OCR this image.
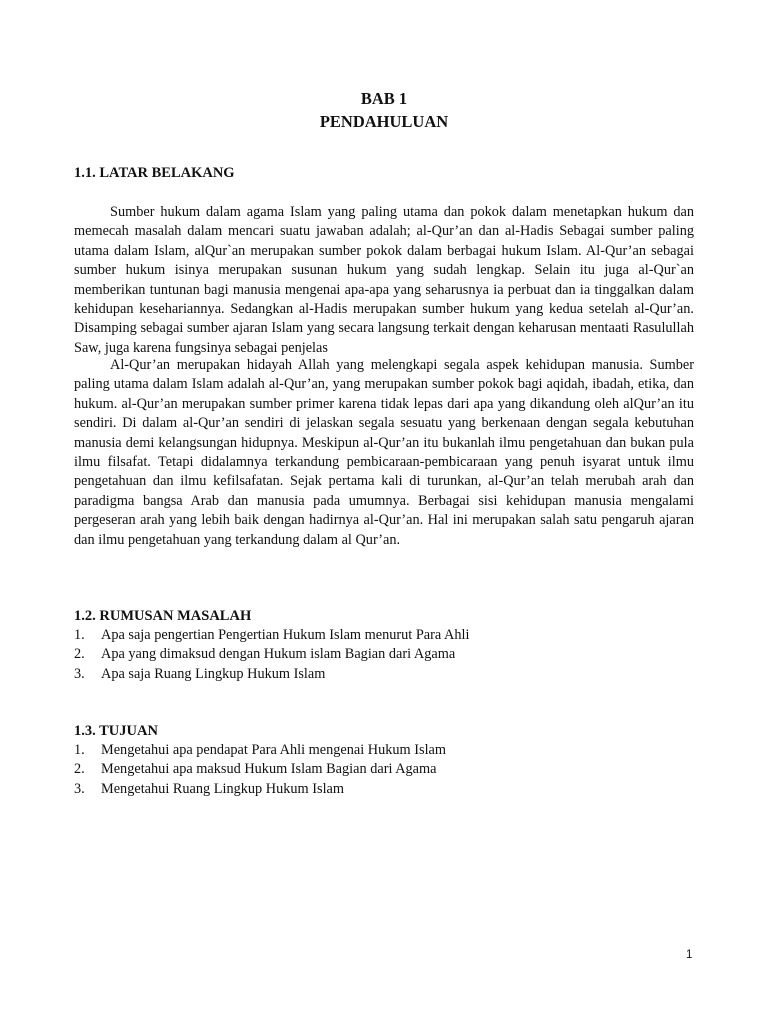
BAB 1
PENDAHULUAN
1.1. LATAR BELAKANG

Sumber hukum dalam agama Islam yang paling utama dan pokok dalam menetapkan hukum dan memecah masalah dalam mencari suatu jawaban adalah; al-Qur’an dan al-Hadis Sebagai sumber paling utama dalam Islam, alQur`an merupakan sumber pokok dalam berbagai hukum Islam. Al-Qur’an sebagai sumber hukum isinya merupakan susunan hukum yang sudah lengkap. Selain itu juga al-Qur`an memberikan tuntunan bagi manusia mengenai apa-apa yang seharusnya ia perbuat dan ia tinggalkan dalam kehidupan kesehariannya. Sedangkan al-Hadis merupakan sumber hukum yang kedua setelah al-Qur’an. Disamping sebagai sumber ajaran Islam yang secara langsung terkait dengan keharusan mentaati Rasulullah Saw, juga karena fungsinya sebagai penjelas

Al-Qur’an merupakan hidayah Allah yang melengkapi segala aspek kehidupan manusia. Sumber paling utama dalam Islam adalah al-Qur’an, yang merupakan sumber pokok bagi aqidah, ibadah, etika, dan hukum. al-Qur’an merupakan sumber primer karena tidak lepas dari apa yang dikandung oleh alQur’an itu sendiri. Di dalam al-Qur’an sendiri di jelaskan segala sesuatu yang berkenaan dengan segala kebutuhan manusia demi kelangsungan hidupnya. Meskipun al-Qur’an itu bukanlah ilmu pengetahuan dan bukan pula ilmu filsafat. Tetapi didalamnya terkandung pembicaraan-pembicaraan yang penuh isyarat untuk ilmu pengetahuan dan ilmu kefilsafatan. Sejak pertama kali di turunkan, al-Qur’an telah merubah arah dan paradigma bangsa Arab dan manusia pada umumnya. Berbagai sisi kehidupan manusia mengalami pergeseran arah yang lebih baik dengan hadirnya al-Qur’an. Hal ini merupakan salah satu pengaruh ajaran dan ilmu pengetahuan yang terkandung dalam al Qur’an.

1.2. RUMUSAN MASALAH
1. Apa saja pengertian Pengertian Hukum Islam menurut Para Ahli
2. Apa yang dimaksud dengan Hukum islam Bagian dari Agama
3. Apa saja Ruang Lingkup Hukum Islam
1.3. TUJUAN
1. Mengetahui apa pendapat Para Ahli mengenai Hukum Islam
2. Mengetahui apa maksud Hukum Islam Bagian dari Agama
3. Mengetahui Ruang Lingkup Hukum Islam
1
